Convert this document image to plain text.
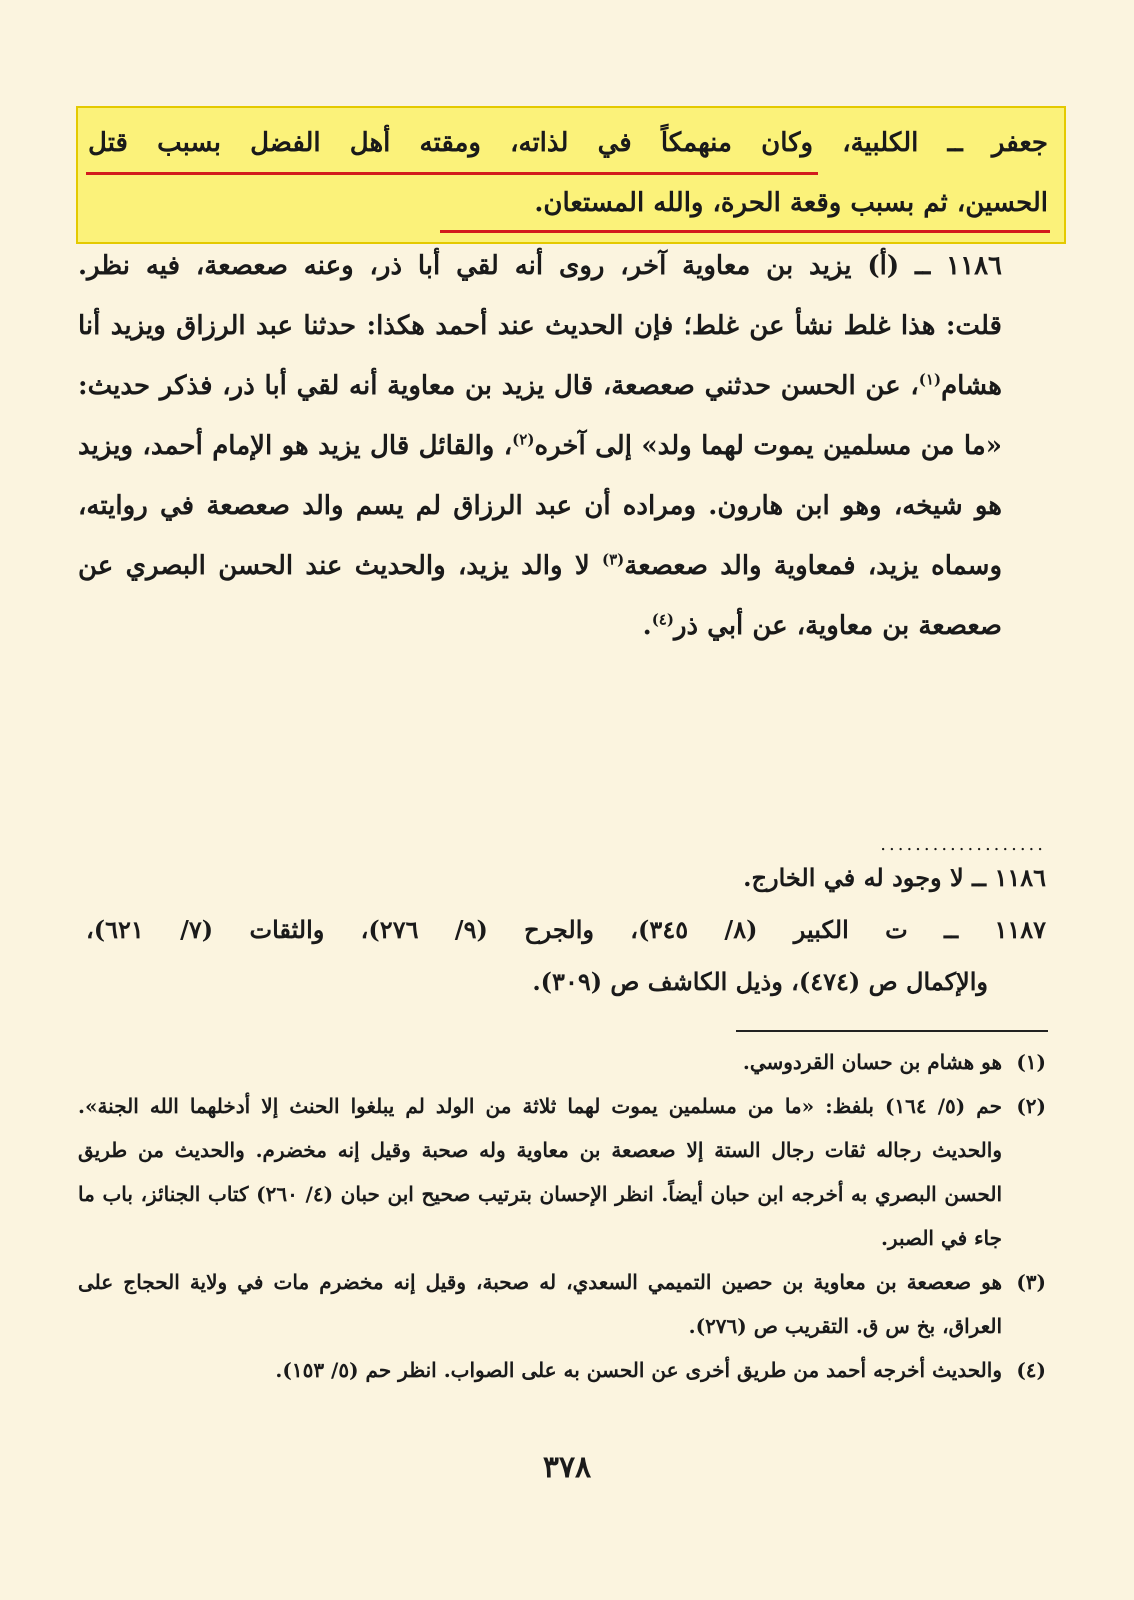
جعفر ــ الكلبية، وكان منهمكاً في لذاته، ومقته أهل الفضل بسبب قتل
الحسين، ثم بسبب وقعة الحرة، والله المستعان.

١١٨٦ ــ (أ) يزيد بن معاوية آخر، روى أنه لقي أبا ذر، وعنه صعصعة، فيه نظر.

قلت: هذا غلط نشأ عن غلط؛ فإن الحديث عند أحمد هكذا: حدثنا عبد الرزاق ويزيد أنا هشام$^{(١)}$، عن الحسن حدثني صعصعة، قال يزيد بن معاوية أنه لقي أبا ذر، فذكر حديث: «ما من مسلمين يموت لهما ولد» إلى آخره$^{(٢)}$، والقائل قال يزيد هو الإمام أحمد، ويزيد هو شيخه، وهو ابن هارون. ومراده أن عبد الرزاق لم يسم والد صعصعة في روايته، وسماه يزيد، فمعاوية والد صعصعة$^{(٣)}$ لا والد يزيد، والحديث عند الحسن البصري عن صعصعة بن معاوية، عن أبي ذر$^{(٤)}$.

...................

١١٨٦ ــ لا وجود له في الخارج.

١١٨٧ ــ ت الكبير (٨/ ٣٤٥)، والجرح (٩/ ٢٧٦)، والثقات (٧/ ٦٢١)،

والإكمال ص (٤٧٤)، وذيل الكاشف ص (٣٠٩).

(١)
هو هشام بن حسان القردوسي.

(٢)
حم (٥/ ١٦٤) بلفظ: «ما من مسلمين يموت لهما ثلاثة من الولد لم يبلغوا الحنث إلا أدخلهما الله الجنة». والحديث رجاله ثقات رجال الستة إلا صعصعة بن معاوية وله صحبة وقيل إنه مخضرم. والحديث من طريق الحسن البصري به أخرجه ابن حبان أيضاً. انظر الإحسان بترتيب صحيح ابن حبان (٤/ ٢٦٠) كتاب الجنائز، باب ما جاء في الصبر.

(٣)
هو صعصعة بن معاوية بن حصين التميمي السعدي، له صحبة، وقيل إنه مخضرم مات في ولاية الحجاج على العراق، بخ س ق. التقريب ص (٢٧٦).

(٤)
والحديث أخرجه أحمد من طريق أخرى عن الحسن به على الصواب. انظر حم (٥/ ١٥٣).

٣٧٨
